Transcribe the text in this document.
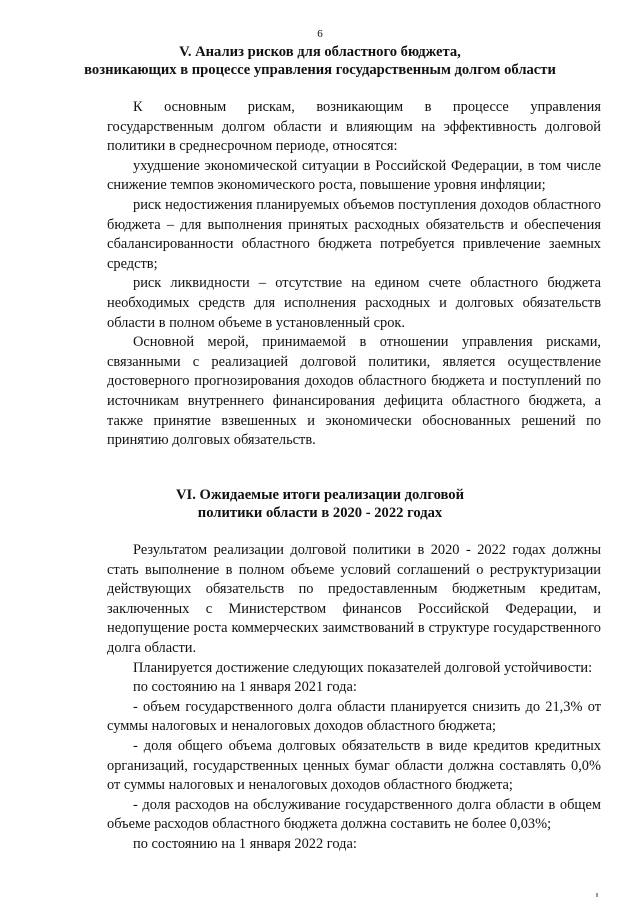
6
V. Анализ рисков для областного бюджета,
возникающих в процессе управления государственным долгом области

К основным рискам, возникающим в процессе управления государственным долгом области и влияющим на эффективность долговой политики в среднесрочном периоде, относятся:

ухудшение экономической ситуации в Российской Федерации, в том числе снижение темпов экономического роста, повышение уровня инфляции;

риск недостижения планируемых объемов поступления доходов областного бюджета – для выполнения принятых расходных обязательств и обеспечения сбалансированности областного бюджета потребуется привлечение заемных средств;

риск ликвидности – отсутствие на едином счете областного бюджета необходимых средств для исполнения расходных и долговых обязательств области в полном объеме в установленный срок.

Основной мерой, принимаемой в отношении управления рисками, связанными с реализацией долговой политики, является осуществление достоверного прогнозирования доходов областного бюджета и поступлений по источникам внутреннего финансирования дефицита областного бюджета, а также принятие взвешенных и экономически обоснованных решений по принятию долговых обязательств.

VI. Ожидаемые итоги реализации долговой
политики области в 2020 - 2022 годах

Результатом реализации долговой политики в 2020 - 2022 годах должны стать выполнение в полном объеме условий соглашений о реструктуризации действующих обязательств по предоставленным бюджетным кредитам, заключенных с Министерством финансов Российской Федерации, и недопущение роста коммерческих заимствований в структуре государственного долга области.

Планируется достижение следующих показателей долговой устойчивости:

по состоянию на 1 января 2021 года:

- объем государственного долга области планируется снизить до 21,3% от суммы налоговых и неналоговых доходов областного бюджета;

- доля общего объема долговых обязательств в виде кредитов кредитных организаций, государственных ценных бумаг области должна составлять 0,0% от суммы налоговых и неналоговых доходов областного бюджета;

- доля расходов на обслуживание государственного долга области в общем объеме расходов областного бюджета должна составить не более 0,03%;

по состоянию на 1 января 2022 года:
